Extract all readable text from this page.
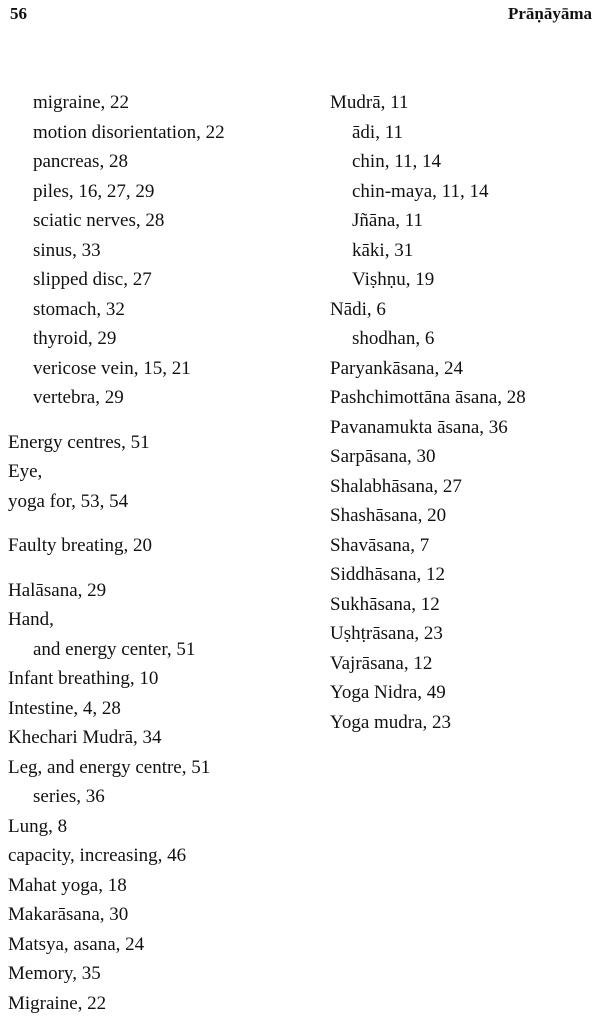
56	Prāṇāyāma
migraine, 22
motion disorientation, 22
pancreas, 28
piles, 16, 27, 29
sciatic nerves, 28
sinus, 33
slipped disc, 27
stomach, 32
thyroid, 29
vericose vein, 15, 21
vertebra, 29
Energy centres, 51
Eye,
yoga for, 53, 54
Faulty breating, 20
Halāsana, 29
Hand,
and energy center, 51
Infant breathing, 10
Intestine, 4, 28
Khechari Mudrā, 34
Leg, and energy centre, 51
series, 36
Lung, 8
capacity, increasing, 46
Mahat yoga, 18
Makarāsana, 30
Matsya, asana, 24
Memory, 35
Migraine, 22
Mudrā, 11
ādi, 11
chin, 11, 14
chin-maya, 11, 14
Jñāna, 11
kāki, 31
Viṣhṇu, 19
Nādi, 6
shodhan, 6
Paryankāsana, 24
Pashchimottāna āsana, 28
Pavanamukta āsana, 36
Sarpāsana, 30
Shalabhāsana, 27
Shashāsana, 20
Shavāsana, 7
Siddhāsana, 12
Sukhāsana, 12
Uṣhṭrāsana, 23
Vajrāsana, 12
Yoga Nidra, 49
Yoga mudra, 23
